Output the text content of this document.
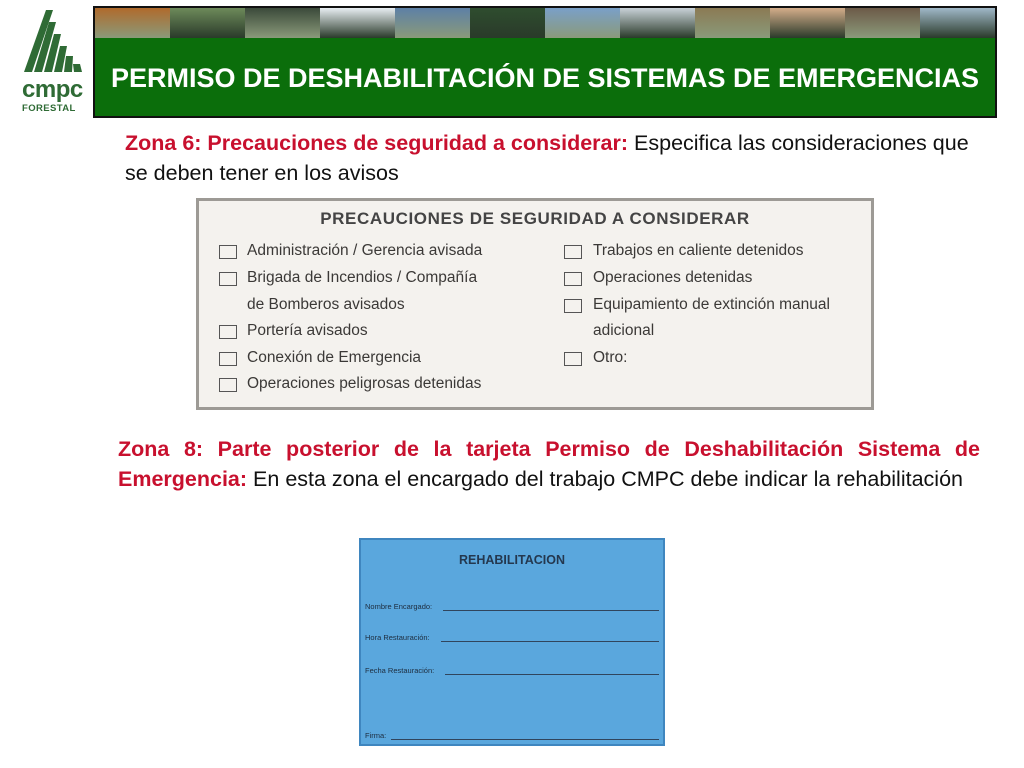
cmpc
FORESTAL
PERMISO DE DESHABILITACIÓN DE SISTEMAS DE EMERGENCIAS
Zona 6: Precauciones de seguridad a considerar: Especifica las consideraciones que se deben tener en los avisos
PRECAUCIONES DE SEGURIDAD A CONSIDERAR
Administración / Gerencia avisada
Brigada de Incendios / Compañía
de Bomberos avisados
Portería avisados
Conexión de Emergencia
Operaciones peligrosas detenidas
Trabajos en caliente detenidos
Operaciones detenidas
Equipamiento de extinción manual
adicional
Otro:
Zona 8: Parte posterior de la tarjeta Permiso de Deshabilitación Sistema de Emergencia: En esta zona el encargado del trabajo CMPC debe indicar la rehabilitación
REHABILITACION
Nombre Encargado:
Hora Restauración:
Fecha Restauración:
Firma:
